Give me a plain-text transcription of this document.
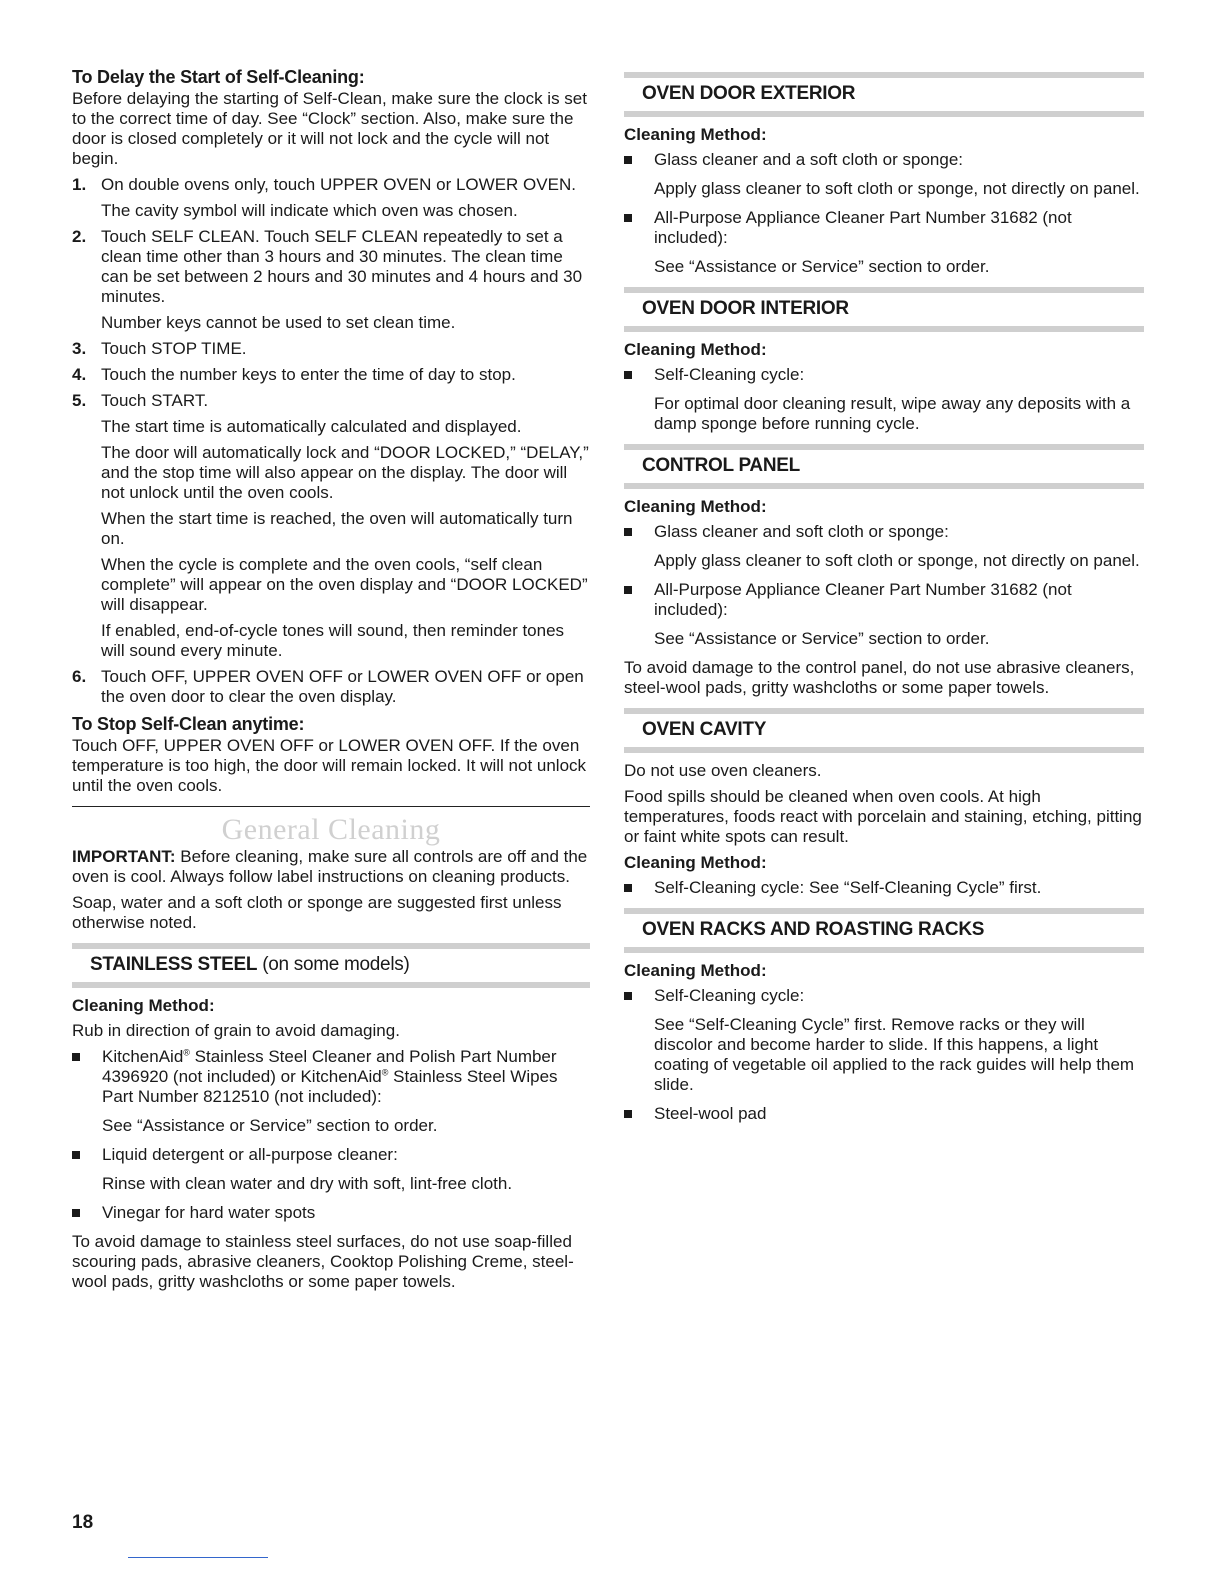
To Delay the Start of Self-Cleaning:

Before delaying the starting of Self-Clean, make sure the clock is set to the correct time of day. See “Clock” section. Also, make sure the door is closed completely or it will not lock and the cycle will not begin.

1. On double ovens only, touch UPPER OVEN or LOWER OVEN.

The cavity symbol will indicate which oven was chosen.

2. Touch SELF CLEAN. Touch SELF CLEAN repeatedly to set a clean time other than 3 hours and 30 minutes. The clean time can be set between 2 hours and 30 minutes and 4 hours and 30 minutes.

Number keys cannot be used to set clean time.

3. Touch STOP TIME.

4. Touch the number keys to enter the time of day to stop.

5. Touch START.

The start time is automatically calculated and displayed.

The door will automatically lock and “DOOR LOCKED,” “DELAY,” and the stop time will also appear on the display. The door will not unlock until the oven cools.

When the start time is reached, the oven will automatically turn on.

When the cycle is complete and the oven cools, “self clean complete” will appear on the oven display and “DOOR LOCKED” will disappear.

If enabled, end-of-cycle tones will sound, then reminder tones will sound every minute.

6. Touch OFF, UPPER OVEN OFF or LOWER OVEN OFF or open the oven door to clear the oven display.

To Stop Self-Clean anytime:

Touch OFF, UPPER OVEN OFF or LOWER OVEN OFF. If the oven temperature is too high, the door will remain locked. It will not unlock until the oven cools.

General Cleaning

IMPORTANT: Before cleaning, make sure all controls are off and the oven is cool. Always follow label instructions on cleaning products.

Soap, water and a soft cloth or sponge are suggested first unless otherwise noted.

STAINLESS STEEL (on some models)

Cleaning Method:

Rub in direction of grain to avoid damaging.

KitchenAid® Stainless Steel Cleaner and Polish Part Number 4396920 (not included) or KitchenAid® Stainless Steel Wipes Part Number 8212510 (not included):

See “Assistance or Service” section to order.

Liquid detergent or all-purpose cleaner:

Rinse with clean water and dry with soft, lint-free cloth.

Vinegar for hard water spots

To avoid damage to stainless steel surfaces, do not use soap-filled scouring pads, abrasive cleaners, Cooktop Polishing Creme, steel-wool pads, gritty washcloths or some paper towels.

OVEN DOOR EXTERIOR

Cleaning Method:

Glass cleaner and a soft cloth or sponge:

Apply glass cleaner to soft cloth or sponge, not directly on panel.

All-Purpose Appliance Cleaner Part Number 31682 (not included):

See “Assistance or Service” section to order.

OVEN DOOR INTERIOR

Cleaning Method:

Self-Cleaning cycle:

For optimal door cleaning result, wipe away any deposits with a damp sponge before running cycle.

CONTROL PANEL

Cleaning Method:

Glass cleaner and soft cloth or sponge:

Apply glass cleaner to soft cloth or sponge, not directly on panel.

All-Purpose Appliance Cleaner Part Number 31682 (not included):

See “Assistance or Service” section to order.

To avoid damage to the control panel, do not use abrasive cleaners, steel-wool pads, gritty washcloths or some paper towels.

OVEN CAVITY

Do not use oven cleaners.

Food spills should be cleaned when oven cools. At high temperatures, foods react with porcelain and staining, etching, pitting or faint white spots can result.

Cleaning Method:

Self-Cleaning cycle: See “Self-Cleaning Cycle” first.

OVEN RACKS AND ROASTING RACKS

Cleaning Method:

Self-Cleaning cycle:

See “Self-Cleaning Cycle” first. Remove racks or they will discolor and become harder to slide. If this happens, a light coating of vegetable oil applied to the rack guides will help them slide.

Steel-wool pad

18
